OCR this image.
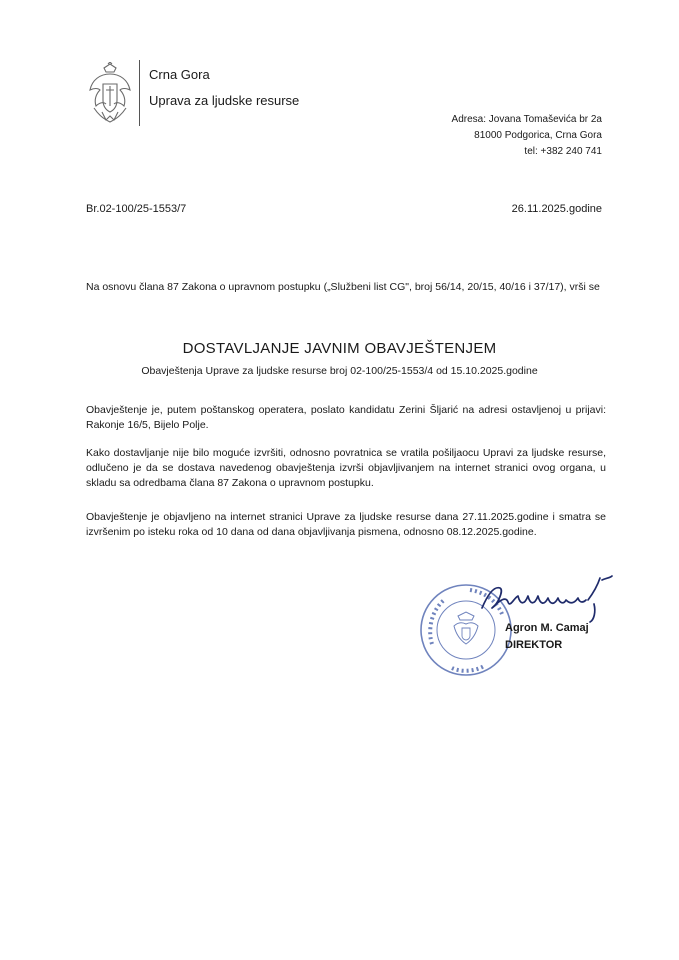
Crna Gora
Uprava za ljudske resurse
Adresa: Jovana Tomaševića br 2a
81000 Podgorica, Crna Gora
tel: +382 240 741
Br.02-100/25-1553/7	26.11.2025.godine
Na osnovu člana 87 Zakona o upravnom postupku („Službeni list CG", broj 56/14, 20/15, 40/16 i 37/17), vrši se
DOSTAVLJANJE JAVNIM OBAVJEŠTENJEM
Obavještenja Uprave za ljudske resurse broj 02-100/25-1553/4 od 15.10.2025.godine
Obavještenje je, putem poštanskog operatera, poslato kandidatu Zerini Šljarić na adresi ostavljenoj u prijavi: Rakonje 16/5, Bijelo Polje.
Kako dostavljanje nije bilo moguće izvršiti, odnosno povratnica se vratila pošiljaocu Upravi za ljudske resurse, odlučeno je da se dostava navedenog obavještenja izvrši objavljivanjem na internet stranici ovog organa, u skladu sa odredbama člana 87 Zakona o upravnom postupku.
Obavještenje je objavljeno na internet stranici Uprave za ljudske resurse dana 27.11.2025.godine i smatra se izvršenim po isteku roka od 10 dana od dana objavljivanja pismena, odnosno 08.12.2025.godine.
Agron M. Camaj
DIREKTOR
